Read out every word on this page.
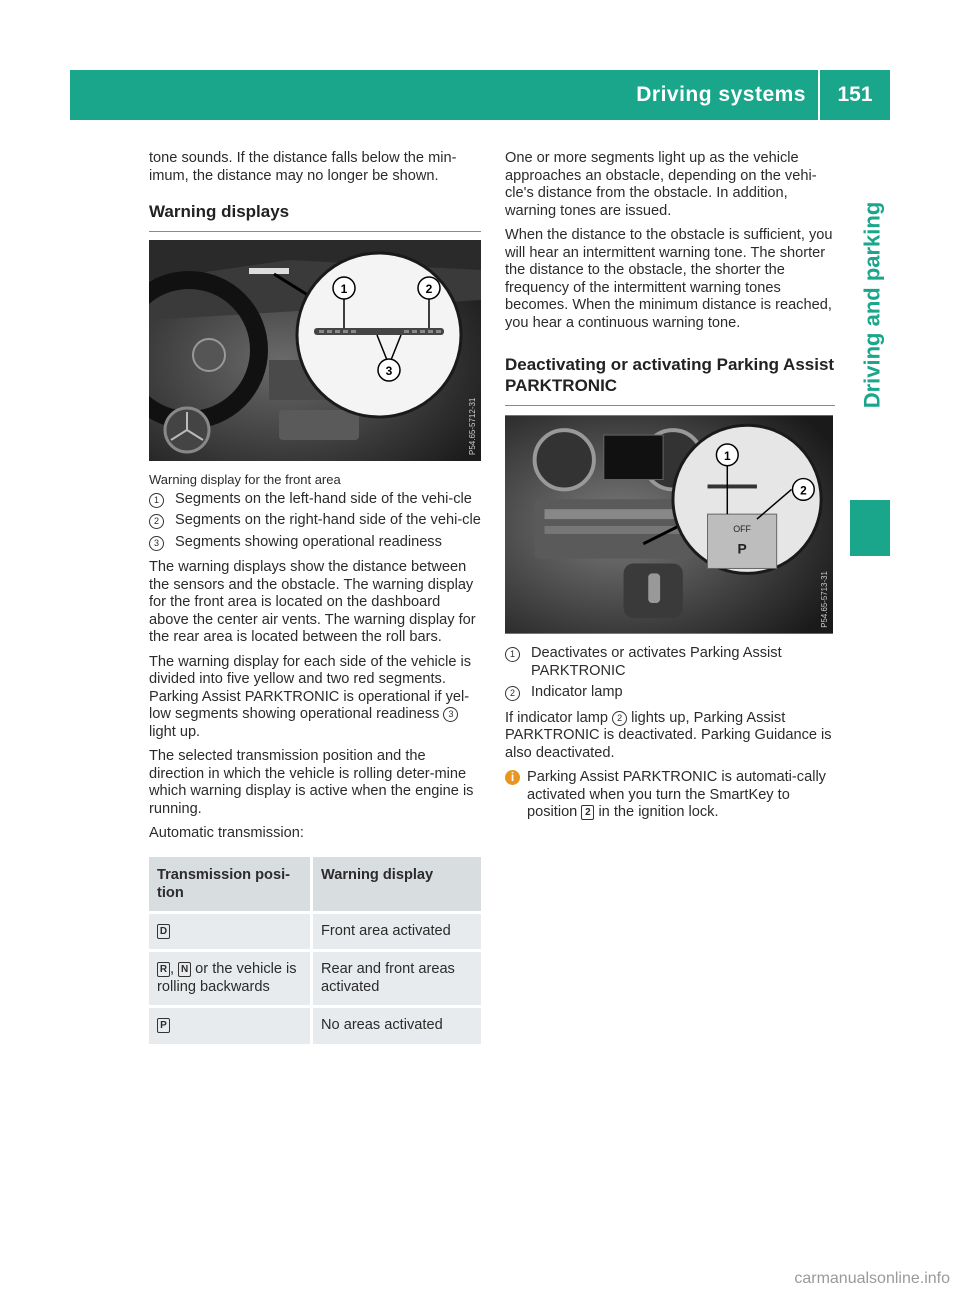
Driving systems	151
Driving and parking

tone sounds. If the distance falls below the min-imum, the distance may no longer be shown.

Warning displays
1	2
3
P54.65-5712-31
Warning display for the front area
1	Segments on the left-hand side of the vehi-cle
2	Segments on the right-hand side of the vehi-cle
3	Segments showing operational readiness

The warning displays show the distance between the sensors and the obstacle. The warning display for the front area is located on the dashboard above the center air vents. The warning display for the rear area is located between the roll bars.

The warning display for each side of the vehicle is divided into five yellow and two red segments. Parking Assist PARKTRONIC is operational if yel-low segments showing operational readiness 3 light up.

The selected transmission position and the direction in which the vehicle is rolling deter-mine which warning display is active when the engine is running.

Automatic transmission:

Transmission posi-tion	Warning display
D	Front area activated
R , N or the vehicle is rolling backwards	Rear and front areas activated
P	No areas activated

One or more segments light up as the vehicle approaches an obstacle, depending on the vehi-cle's distance from the obstacle. In addition, warning tones are issued.

When the distance to the obstacle is sufficient, you will hear an intermittent warning tone. The shorter the distance to the obstacle, the shorter the frequency of the intermittent warning tones becomes. When the minimum distance is reached, you hear a continuous warning tone.

Deactivating or activating Parking Assist PARKTRONIC
OFF
P
1
2
P54.65-5713-31
1	Deactivates or activates Parking Assist PARKTRONIC
2	Indicator lamp

If indicator lamp 2 lights up, Parking Assist PARKTRONIC is deactivated. Parking Guidance is also deactivated.

i Parking Assist PARKTRONIC is automati-cally activated when you turn the SmartKey to position 2 in the ignition lock.
carmanualsonline.info
